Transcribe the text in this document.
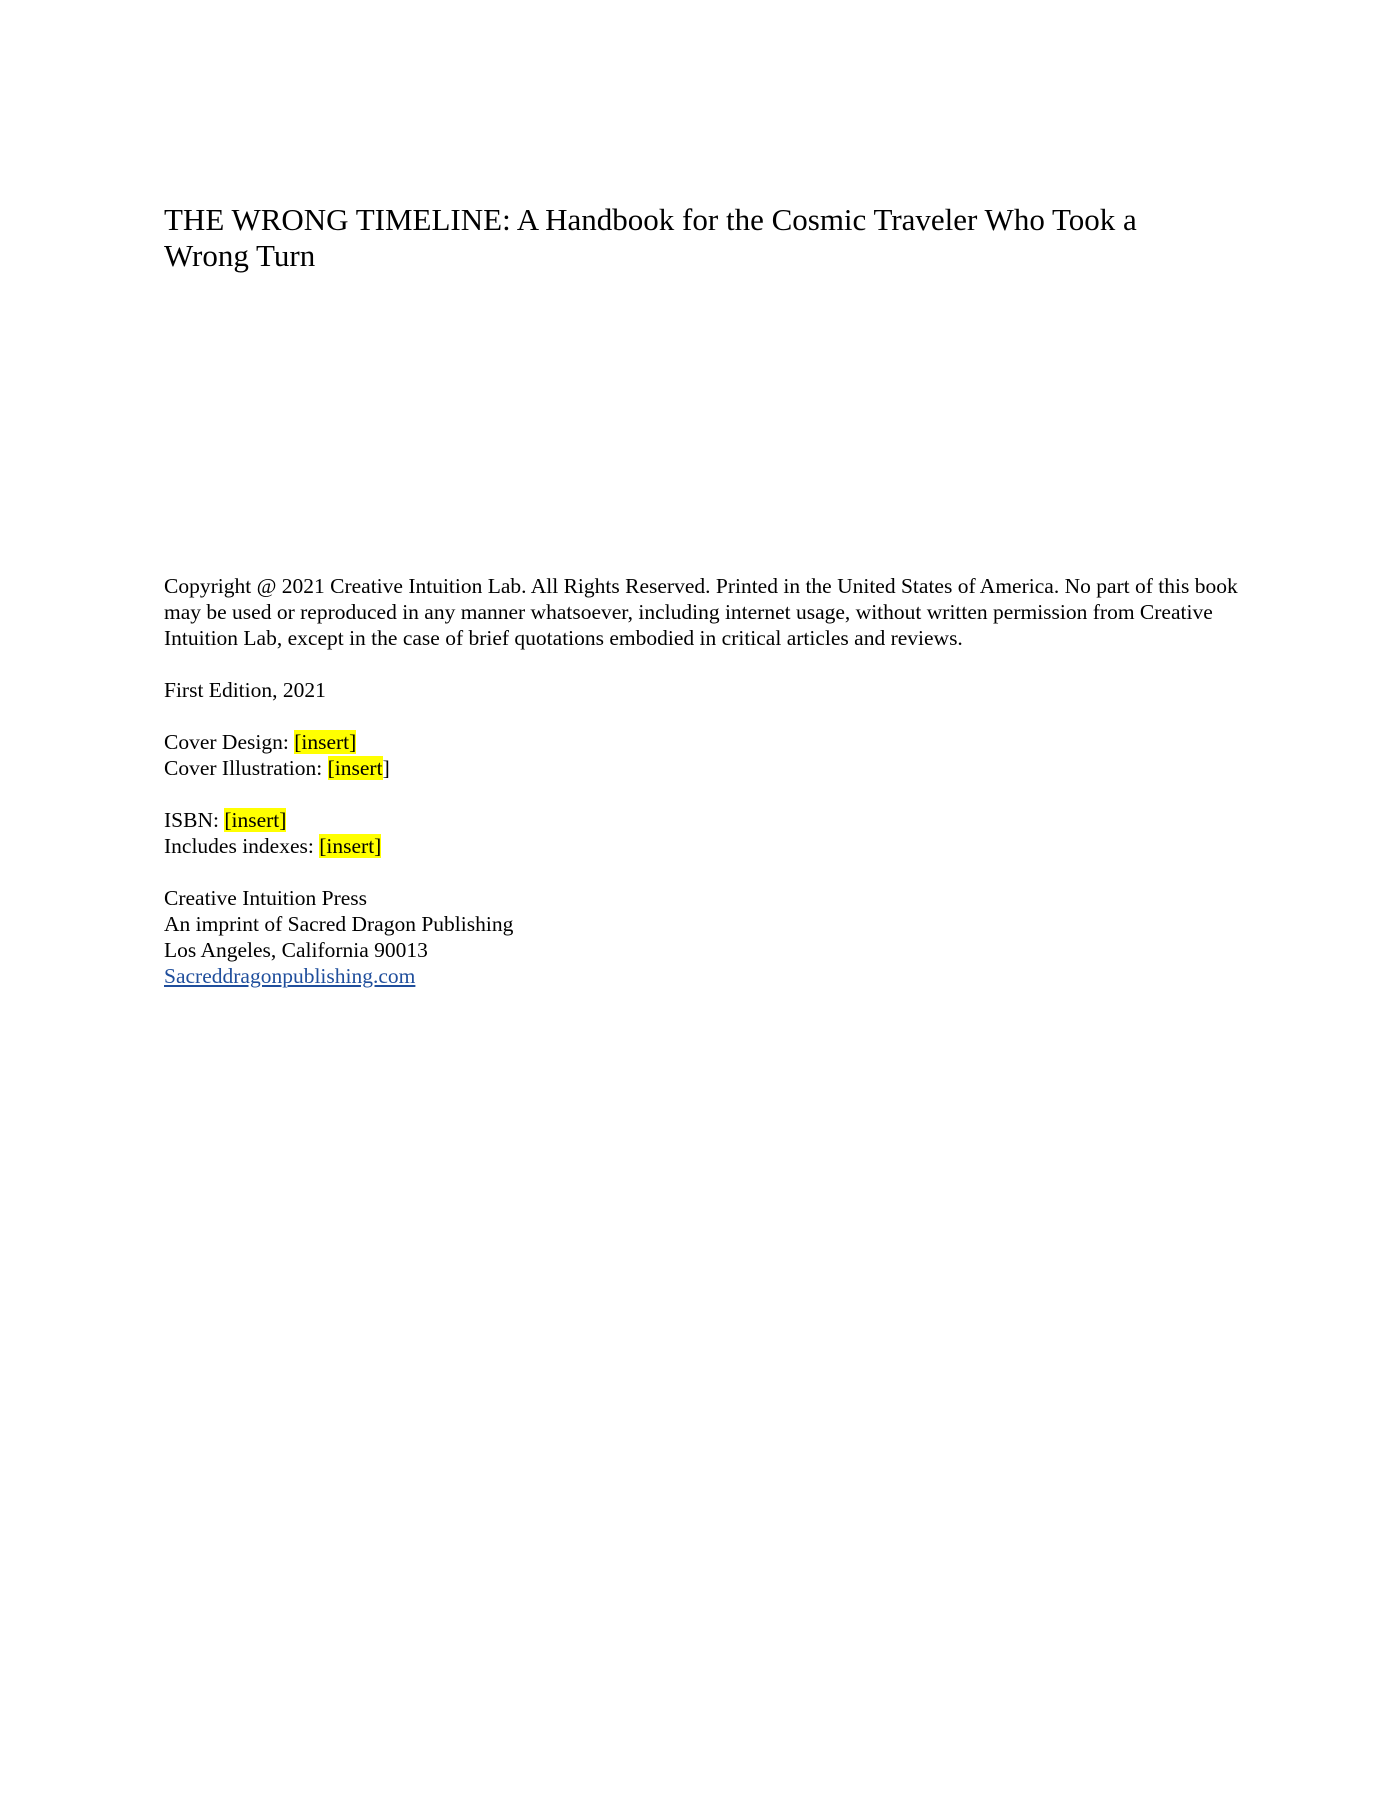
THE WRONG TIMELINE: A Handbook for the Cosmic Traveler Who Took a Wrong Turn

Copyright @ 2021 Creative Intuition Lab. All Rights Reserved. Printed in the United States of America. No part of this book may be used or reproduced in any manner whatsoever, including internet usage, without written permission from Creative Intuition Lab, except in the case of brief quotations embodied in critical articles and reviews.

First Edition, 2021

Cover Design: [insert]
Cover Illustration: [insert]

ISBN: [insert]
Includes indexes: [insert]

Creative Intuition Press
An imprint of Sacred Dragon Publishing
Los Angeles, California 90013
Sacreddragonpublishing.com
